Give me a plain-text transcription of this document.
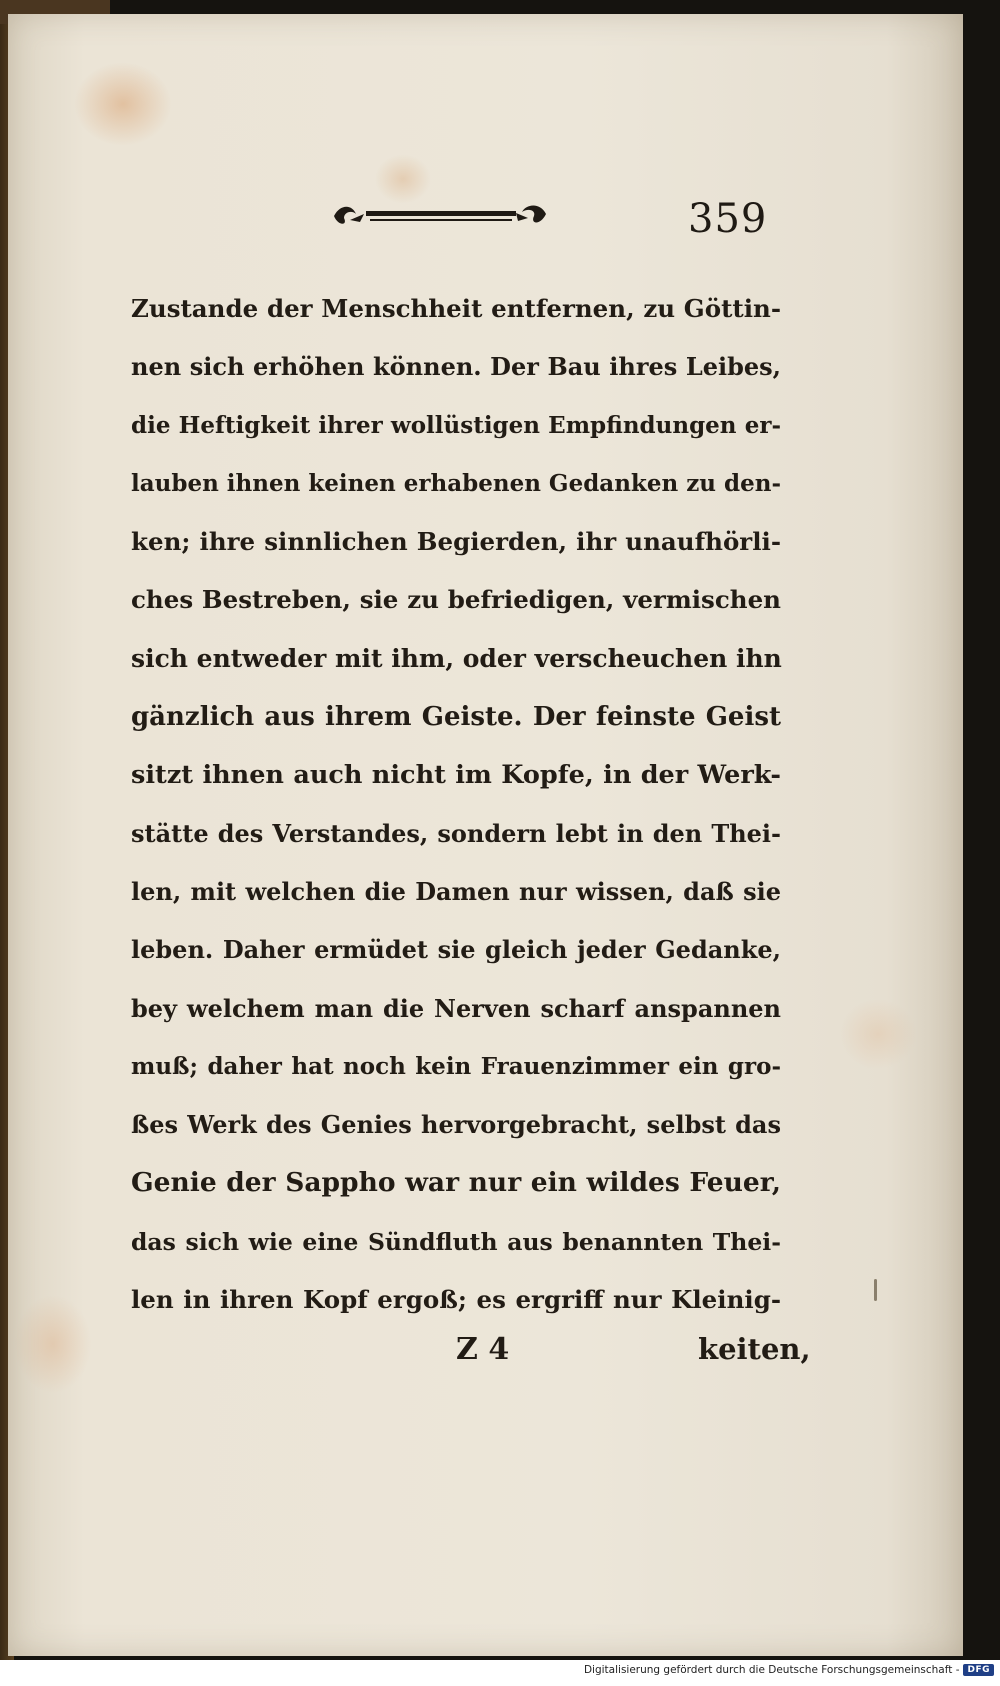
359
Zustande der Menschheit entfernen, zu Göttin-
nen sich erhöhen können. Der Bau ihres Leibes,
die Heftigkeit ihrer wollüstigen Empfindungen er-
lauben ihnen keinen erhabenen Gedanken zu den-
ken; ihre sinnlichen Begierden, ihr unaufhörli-
ches Bestreben, sie zu befriedigen, vermischen
sich entweder mit ihm, oder verscheuchen ihn
gänzlich aus ihrem Geiste. Der feinste Geist
sitzt ihnen auch nicht im Kopfe, in der Werk-
stätte des Verstandes, sondern lebt in den Thei-
len, mit welchen die Damen nur wissen, daß sie
leben. Daher ermüdet sie gleich jeder Gedanke,
bey welchem man die Nerven scharf anspannen
muß; daher hat noch kein Frauenzimmer ein gro-
ßes Werk des Genies hervorgebracht, selbst das
Genie der Sappho war nur ein wildes Feuer,
das sich wie eine Sündfluth aus benannten Thei-
len in ihren Kopf ergoß; es ergriff nur Kleinig-
Z 4	keiten,
Digitalisierung gefördert durch die Deutsche Forschungsgemeinschaft - DFG
